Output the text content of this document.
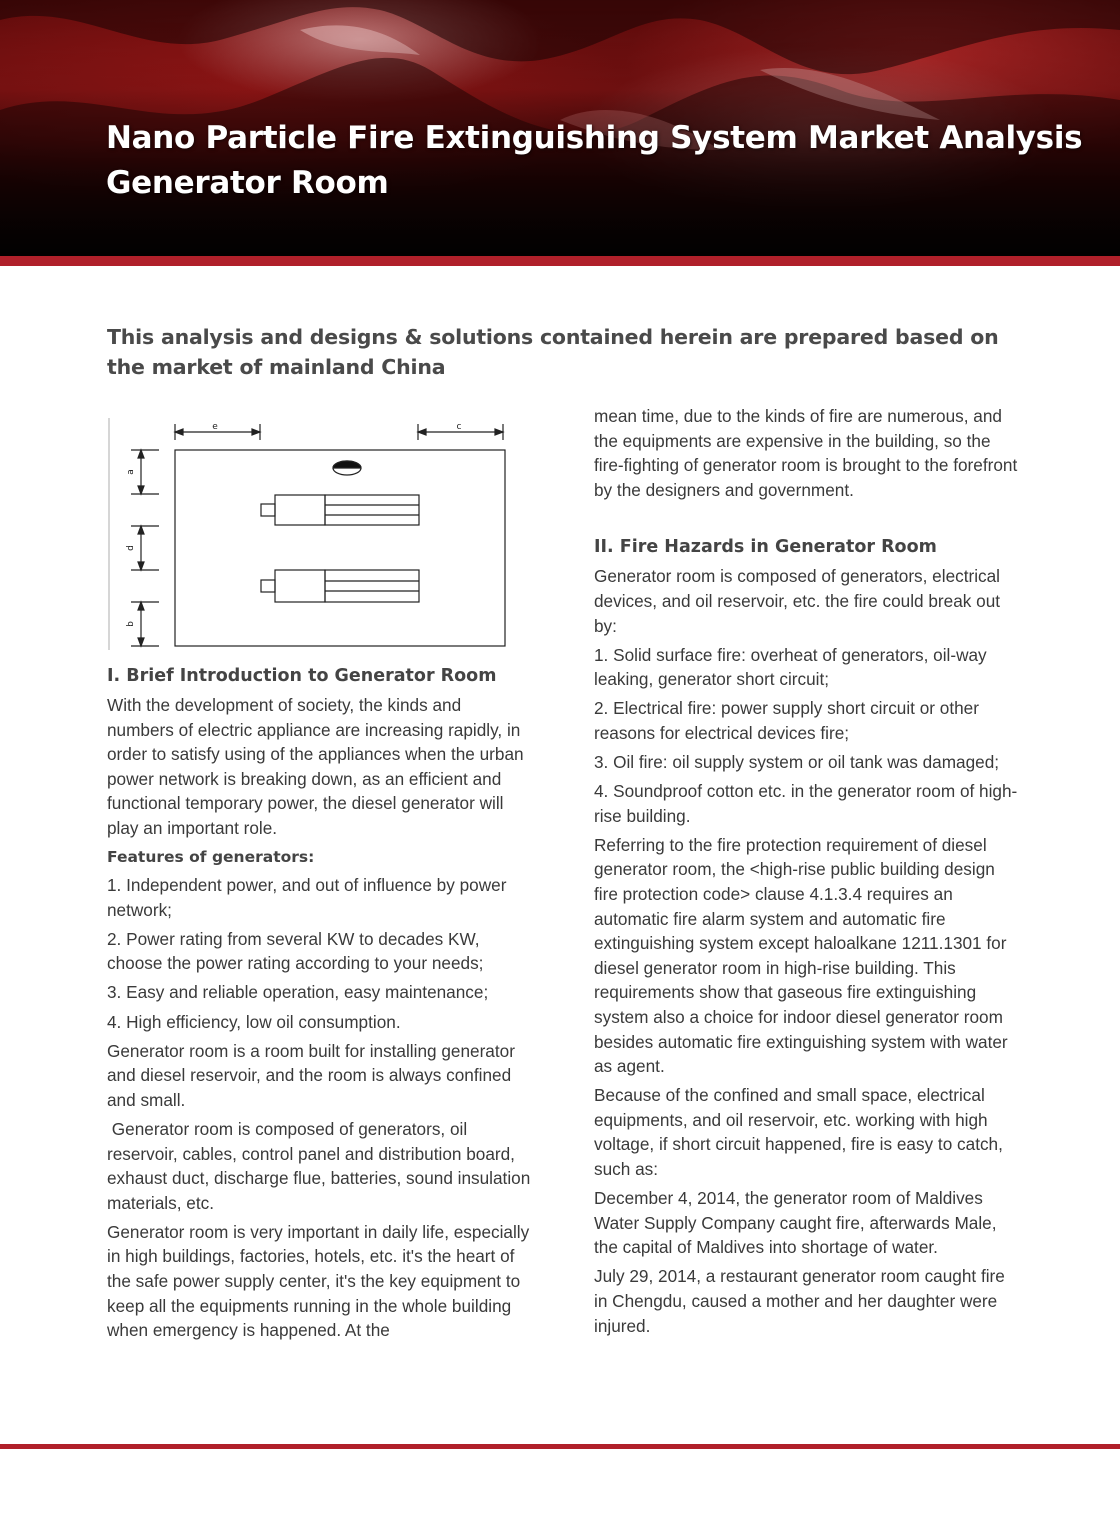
Nano Particle Fire Extinguishing System Market Analysis
Generator Room

This analysis and designs & solutions contained herein are prepared based on the market of mainland China

e	c
a
d
b
I. Brief Introduction to Generator Room

With the development of society, the kinds and numbers of electric appliance are increasing rapidly, in order to satisfy using of the appliances when the urban power network is breaking down, as an efficient and functional temporary power, the diesel generator will play an important role.

Features of generators:

1. Independent power, and out of influence by power network;

2. Power rating from several KW to decades KW, choose the power rating according to your needs;

3. Easy and reliable operation, easy maintenance;

4. High efficiency, low oil consumption.

Generator room is a room built for installing generator and diesel reservoir, and the room is always confined and small.

Generator room is composed of generators, oil reservoir, cables, control panel and distribution board, exhaust duct, discharge flue, batteries, sound insulation materials, etc.

Generator room is very important in daily life, especially in high buildings, factories, hotels, etc. it's the heart of the safe power supply center, it's the key equipment to keep all the equipments running in the whole building when emergency is happened. At the

mean time, due to the kinds of fire are numerous, and the equipments are expensive in the building, so the fire-fighting of generator room is brought to the forefront by the designers and government.

II. Fire Hazards in Generator Room

Generator room is composed of generators, electrical devices, and oil reservoir, etc. the fire could break out by:

1. Solid surface fire: overheat of generators, oil-way leaking, generator short circuit;

2. Electrical fire: power supply short circuit or other reasons for electrical devices fire;

3. Oil fire: oil supply system or oil tank was damaged;

4. Soundproof cotton etc. in the generator room of high-rise building.

Referring to the fire protection requirement of diesel generator room, the <high-rise public building design fire protection code> clause 4.1.3.4 requires an automatic fire alarm system and automatic fire extinguishing system except haloalkane 1211.1301 for diesel generator room in high-rise building. This requirements show that gaseous fire extinguishing system also a choice for indoor diesel generator room besides automatic fire extinguishing system with water as agent.

Because of the confined and small space, electrical equipments, and oil reservoir, etc. working with high voltage, if short circuit happened, fire is easy to catch, such as:

December 4, 2014, the generator room of Maldives Water Supply Company caught fire, afterwards Male, the capital of Maldives into shortage of water.

July 29, 2014, a restaurant generator room caught fire in Chengdu, caused a mother and her daughter were injured.
